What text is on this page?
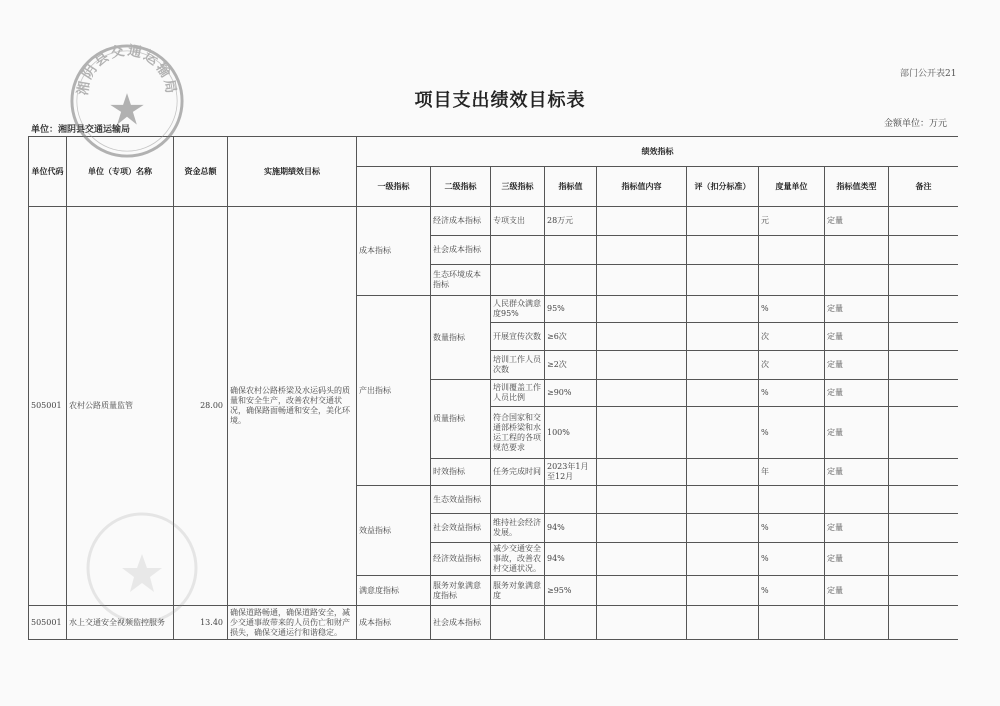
部门公开表21
项目支出绩效目标表
单位：湘阴县交通运输局
金额单位：万元
单位代码	单位（专项）名称	资金总额	实施期绩效目标	绩效指标								
				一级指标	二级指标	三级指标	指标值	指标值内容	评（扣分标准）	度量单位	指标值类型	备注
505001	农村公路质量监管	28.00	确保农村公路桥梁及水运码头的质量和安全生产，改善农村交通状况，确保路面畅通和安全，美化环境。	成本指标	经济成本指标	专项支出	28万元			元	定量	
					社会成本指标							
					生态环境成本指标							
				产出指标	数量指标	人民群众满意度95%	95%			%	定量	
						开展宣传次数	≥6次			次	定量	
						培训工作人员次数	≥2次			次	定量	
					质量指标	培训覆盖工作人员比例	≥90%			%	定量	
						符合国家和交通部桥梁和水运工程的各项规范要求	100%			%	定量	
					时效指标	任务完成时间	2023年1月至12月			年	定量	
				效益指标	生态效益指标							
					社会效益指标	维持社会经济发展。	94%			%	定量	
					经济效益指标	减少交通安全事故，改善农村交通状况。	94%			%	定量	
				满意度指标	服务对象满意度指标	服务对象满意度	≥95%			%	定量	
505001	水上交通安全视频监控服务	13.40	确保道路畅通，确保道路安全，减少交通事故带来的人员伤亡和财产损失，确保交通运行和谐稳定。	成本指标	社会成本指标							
湘阴县交通运输局
